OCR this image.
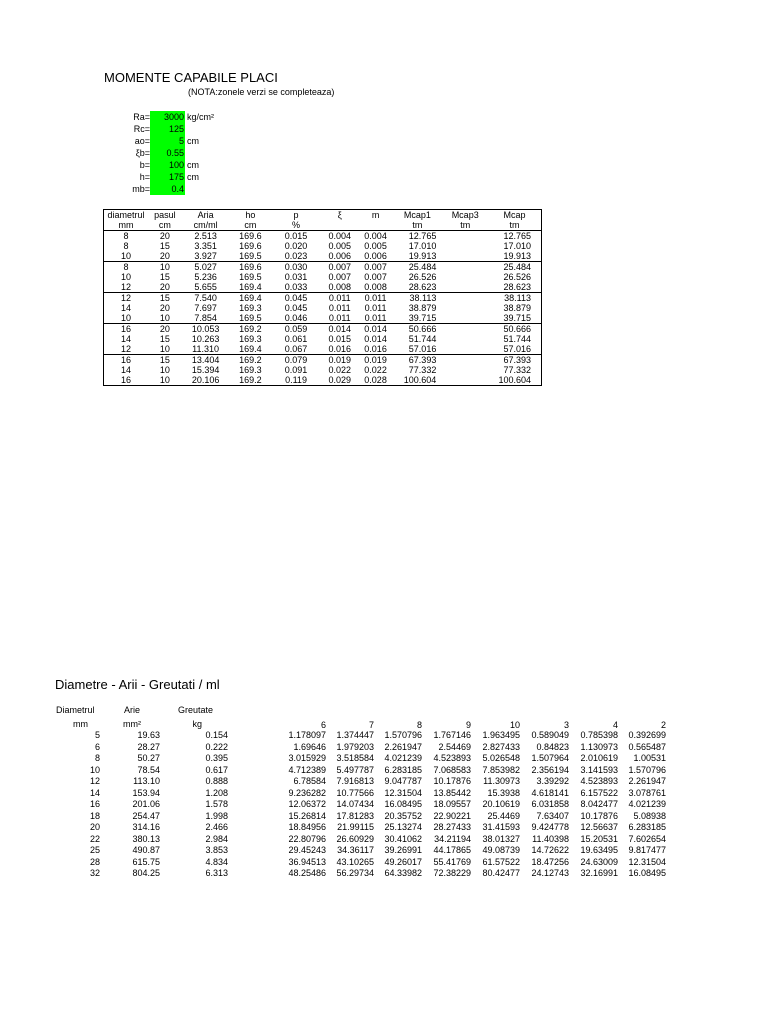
MOMENTE CAPABILE PLACI
(NOTA:zonele verzi se completeaza)
Ra=	3000 kg/cm²
Rc=	125
ao=	5 cm
ξb=	0.55
b=	100 cm
h=	175 cm
mb=	0.4
diametrul	pasul	Aria	ho	p	ξ	m	Mcap1	Mcap3	Mcap
mm	cm	cm/ml	cm	%			tm	tm	tm
8	20	2.513	169.6	0.015	0.004	0.004	12.765		12.765
8	15	3.351	169.6	0.020	0.005	0.005	17.010		17.010
10	20	3.927	169.5	0.023	0.006	0.006	19.913		19.913
8	10	5.027	169.6	0.030	0.007	0.007	25.484		25.484
10	15	5.236	169.5	0.031	0.007	0.007	26.526		26.526
12	20	5.655	169.4	0.033	0.008	0.008	28.623		28.623
12	15	7.540	169.4	0.045	0.011	0.011	38.113		38.113
14	20	7.697	169.3	0.045	0.011	0.011	38.879		38.879
10	10	7.854	169.5	0.046	0.011	0.011	39.715		39.715
16	20	10.053	169.2	0.059	0.014	0.014	50.666		50.666
14	15	10.263	169.3	0.061	0.015	0.014	51.744		51.744
12	10	11.310	169.4	0.067	0.016	0.016	57.016		57.016
16	15	13.404	169.2	0.079	0.019	0.019	67.393		67.393
14	10	15.394	169.3	0.091	0.022	0.022	77.332		77.332
16	10	20.106	169.2	0.119	0.029	0.028	100.604		100.604
Diametre - Arii - Greutati / ml
Diametrul	Arie	Greutate
mm	mm²	kg	6	7	8	9	10	3	4	2
5	19.63	0.154	1.178097	1.374447	1.570796	1.767146	1.963495	0.589049	0.785398	0.392699
6	28.27	0.222	1.69646	1.979203	2.261947	2.54469	2.827433	0.84823	1.130973	0.565487
8	50.27	0.395	3.015929	3.518584	4.021239	4.523893	5.026548	1.507964	2.010619	1.00531
10	78.54	0.617	4.712389	5.497787	6.283185	7.068583	7.853982	2.356194	3.141593	1.570796
12	113.10	0.888	6.78584	7.916813	9.047787	10.17876	11.30973	3.39292	4.523893	2.261947
14	153.94	1.208	9.236282	10.77566	12.31504	13.85442	15.3938	4.618141	6.157522	3.078761
16	201.06	1.578	12.06372	14.07434	16.08495	18.09557	20.10619	6.031858	8.042477	4.021239
18	254.47	1.998	15.26814	17.81283	20.35752	22.90221	25.4469	7.63407	10.17876	5.08938
20	314.16	2.466	18.84956	21.99115	25.13274	28.27433	31.41593	9.424778	12.56637	6.283185
22	380.13	2.984	22.80796	26.60929	30.41062	34.21194	38.01327	11.40398	15.20531	7.602654
25	490.87	3.853	29.45243	34.36117	39.26991	44.17865	49.08739	14.72622	19.63495	9.817477
28	615.75	4.834	36.94513	43.10265	49.26017	55.41769	61.57522	18.47256	24.63009	12.31504
32	804.25	6.313	48.25486	56.29734	64.33982	72.38229	80.42477	24.12743	32.16991	16.08495
